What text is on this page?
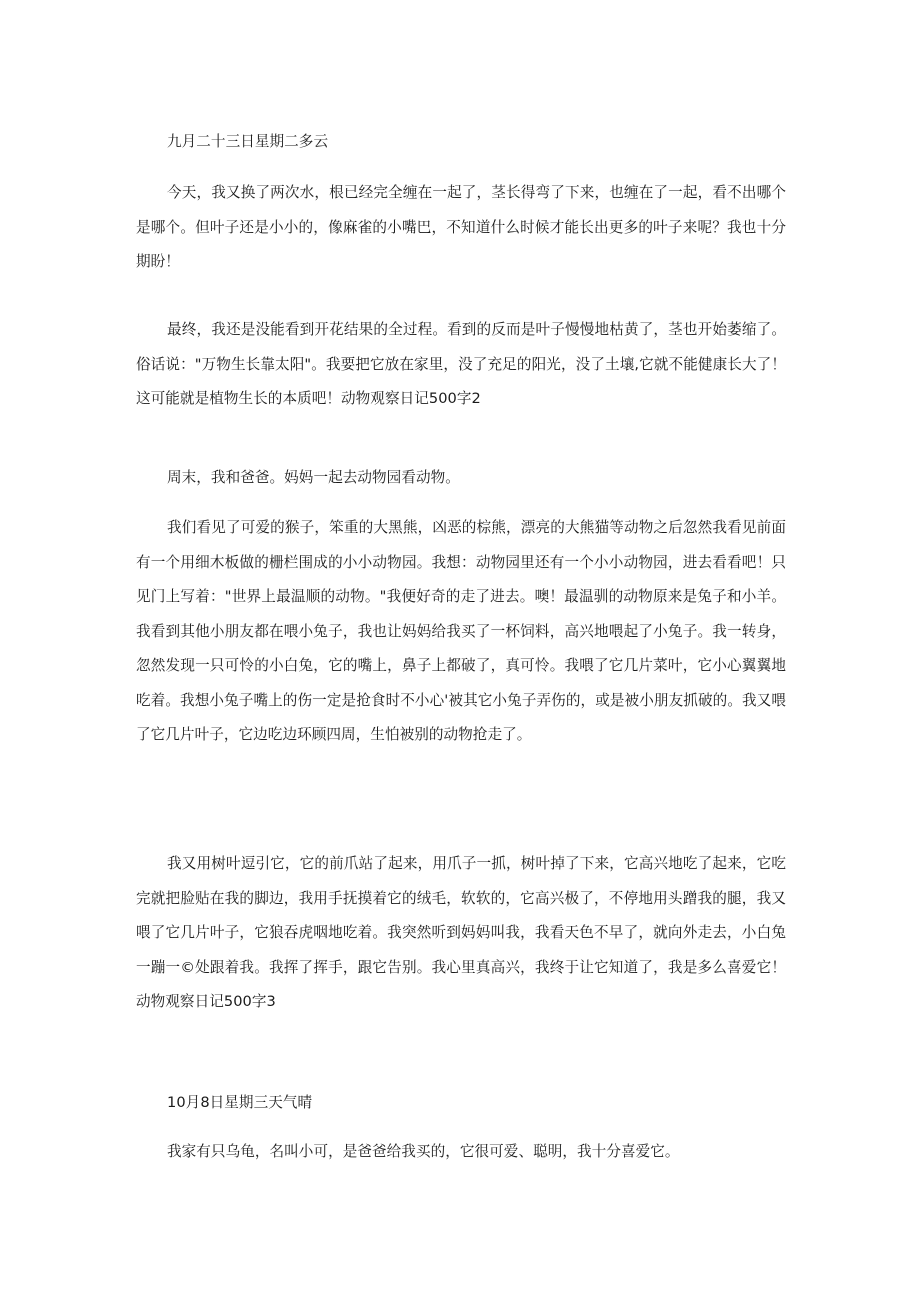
九月二十三日星期二多云

今天，我又换了两次水，根已经完全缠在一起了，茎长得弯了下来，也缠在了一起，看不出哪个是哪个。但叶子还是小小的，像麻雀的小嘴巴，不知道什么时候才能长出更多的叶子来呢？我也十分期盼！

最终，我还是没能看到开花结果的全过程。看到的反而是叶子慢慢地枯黄了，茎也开始萎缩了。俗话说："万物生长靠太阳"。我要把它放在家里，没了充足的阳光，没了土壤,它就不能健康长大了！这可能就是植物生长的本质吧！动物观察日记500字2

周末，我和爸爸。妈妈一起去动物园看动物。

我们看见了可爱的猴子，笨重的大黑熊，凶恶的棕熊，漂亮的大熊猫等动物之后忽然我看见前面有一个用细木板做的栅栏围成的小小动物园。我想：动物园里还有一个小小动物园，进去看看吧！只见门上写着："世界上最温顺的动物。"我便好奇的走了进去。噢！最温驯的动物原来是兔子和小羊。我看到其他小朋友都在喂小兔子，我也让妈妈给我买了一杯饲料，高兴地喂起了小兔子。我一转身，忽然发现一只可怜的小白兔，它的嘴上，鼻子上都破了，真可怜。我喂了它几片菜叶，它小心翼翼地吃着。我想小兔子嘴上的伤一定是抢食时不小心'被其它小兔子弄伤的，或是被小朋友抓破的。我又喂了它几片叶子，它边吃边环顾四周，生怕被别的动物抢走了。

我又用树叶逗引它，它的前爪站了起来，用爪子一抓，树叶掉了下来，它高兴地吃了起来，它吃完就把脸贴在我的脚边，我用手抚摸着它的绒毛，软软的，它高兴极了，不停地用头蹭我的腿，我又喂了它几片叶子，它狼吞虎咽地吃着。我突然听到妈妈叫我，我看天色不早了，就向外走去，小白兔一蹦一©处跟着我。我挥了挥手，跟它告别。我心里真高兴，我终于让它知道了，我是多么喜爱它！动物观察日记500字3

10月8日星期三天气晴

我家有只乌龟，名叫小可，是爸爸给我买的，它很可爱、聪明，我十分喜爱它。
